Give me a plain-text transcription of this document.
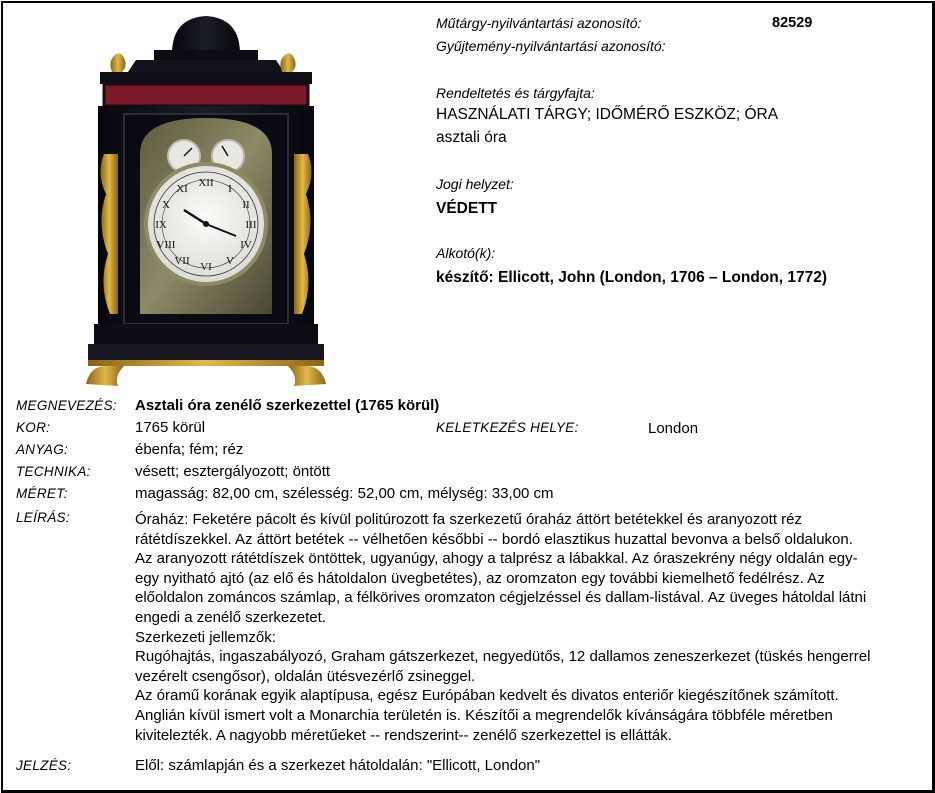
XII I
II
III
IV
V
VI
VII
VIII
IX
X
XI
Műtárgy-nyilvántartási azonosító:	82529
Gyűjtemény-nyilvántartási azonosító:
Rendeltetés és tárgyfajta:
HASZNÁLATI TÁRGY; IDŐMÉRŐ ESZKÖZ; ÓRA
asztali óra
Jogi helyzet:
VÉDETT
Alkotó(k):
készítő: Ellicott, John (London, 1706 – London, 1772)
MEGNEVEZÉS: Asztali óra zenélő szerkezettel (1765 körül)
KOR:	1765 körül	KELETKEZÉS HELYE:	London
ANYAG:	ébenfa; fém; réz
TECHNIKA:	vésett; esztergályozott; öntött
MÉRET:	magasság: 82,00 cm, szélesség: 52,00 cm, mélység: 33,00 cm
LEÍRÁS:	Óraház: Feketére pácolt és kívül politúrozott fa szerkezetű óraház áttört betétekkel és aranyozott réz
rátétdíszekkel. Az áttört betétek -- vélhetően későbbi -- bordó elasztikus huzattal bevonva a belső oldalukon.
Az aranyozott rátétdíszek öntöttek, ugyanúgy, ahogy a talprész a lábakkal. Az óraszekrény négy oldalán egy-
egy nyitható ajtó (az elő és hátoldalon üvegbetétes), az oromzaton egy további kiemelhető fedélrész. Az
előoldalon zománcos számlap, a félkörives oromzaton cégjelzéssel és dallam-listával. Az üveges hátoldal látni
engedi a zenélő szerkezetet.
Szerkezeti jellemzők:
Rugóhajtás, ingaszabályozó, Graham gátszerkezet, negyedütős, 12 dallamos zeneszerkezet (tüskés hengerrel
vezérelt csengősor), oldalán ütésvezérlő zsineggel.
Az óramű korának egyik alaptípusa, egész Európában kedvelt és divatos enteriőr kiegészítőnek számított.
Anglián kívül ismert volt a Monarchia területén is. Készítői a megrendelők kívánságára többféle méretben
kivitelezték. A nagyobb méretűeket -- rendszerint-- zenélő szerkezettel is ellátták.
JELZÉS:	Elől: számlapján és a szerkezet hátoldalán: "Ellicott, London"
